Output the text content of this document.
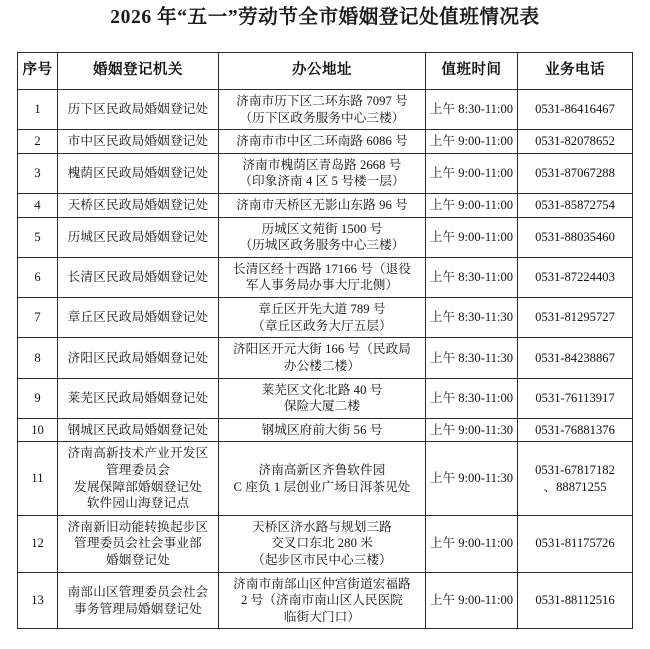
2026 年“五一”劳动节全市婚姻登记处值班情况表
序号	婚姻登记机关	办公地址	值班时间	业务电话

1	历下区民政局婚姻登记处	济南市历下区二环东路 7097 号
（历下区政务服务中心三楼）	上午 8:30-11:00	0531-86416467

2	市中区民政局婚姻登记处	济南市市中区二环南路 6086 号	上午 9:00-11:00	0531-82078652

3	槐荫区民政局婚姻登记处	济南市槐荫区青岛路 2668 号
（印象济南 4 区 5 号楼一层）	上午 9:00-11:00	0531-87067288

4	天桥区民政局婚姻登记处	济南市天桥区无影山东路 96 号	上午 9:00-11:00	0531-85872754

5	历城区民政局婚姻登记处	历城区文苑街 1500 号
（历城区政务服务中心三楼）	上午 9:00-11:00	0531-88035460

6	长清区民政局婚姻登记处	长清区经十西路 17166 号（退役
军人事务局办事大厅北侧）	上午 8:30-11:00	0531-87224403

7	章丘区民政局婚姻登记处	章丘区开先大道 789 号
（章丘区政务大厅五层）	上午 8:30-11:30	0531-81295727

8	济阳区民政局婚姻登记处	济阳区开元大街 166 号（民政局
办公楼二楼）	上午 8:30-11:30	0531-84238867

9	莱芜区民政局婚姻登记处	莱芜区文化北路 40 号
保险大厦二楼	上午 8:30-11:00	0531-76113917

10	钢城区民政局婚姻登记处	钢城区府前大街 56 号	上午 9:00-11:30	0531-76881376

11	济南高新技术产业开发区
管理委员会
发展保障部婚姻登记处
软件园山海登记点	济南高新区齐鲁软件园
C 座负 1 层创业广场日洱茶见处	上午 9:00-11:30	0531-67817182
、88871255

12	济南新旧动能转换起步区
管理委员会社会事业部
婚姻登记处	天桥区济水路与规划三路
交叉口东北 280 米
（起步区市民中心三楼）	上午 9:00-11:00	0531-81175726

13	南部山区管理委员会社会
事务管理局婚姻登记处	济南市南部山区仲宫街道宏福路
2 号（济南市南山区人民医院
临街大门口）	上午 9:00-11:00	0531-88112516
